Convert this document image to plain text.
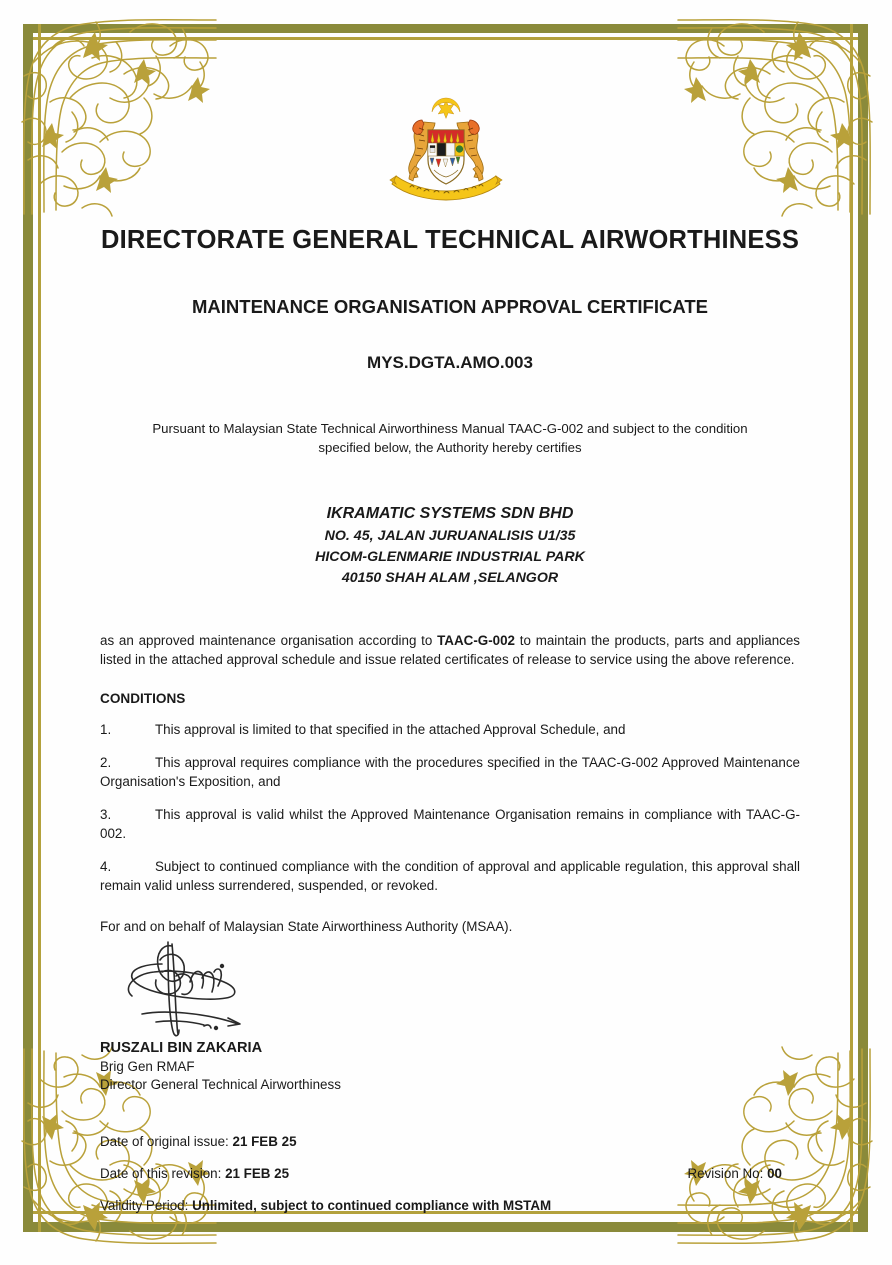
DIRECTORATE GENERAL TECHNICAL AIRWORTHINESS
MAINTENANCE ORGANISATION APPROVAL CERTIFICATE
MYS.DGTA.AMO.003
Pursuant to Malaysian State Technical Airworthiness Manual TAAC-G-002 and subject to the condition specified below, the Authority hereby certifies
IKRAMATIC SYSTEMS SDN BHD
NO. 45, JALAN JURUANALISIS U1/35
HICOM-GLENMARIE INDUSTRIAL PARK
40150 SHAH ALAM ,SELANGOR

as an approved maintenance organisation according to TAAC-G-002 to maintain the products, parts and appliances listed in the attached approval schedule and issue related certificates of release to service using the above reference.

CONDITIONS
1.	This approval is limited to that specified in the attached Approval Schedule, and
2.	This approval requires compliance with the procedures specified in the TAAC-G-002 Approved Maintenance Organisation's Exposition, and
3.	This approval is valid whilst the Approved Maintenance Organisation remains in compliance with TAAC-G-002.
4.	Subject to continued compliance with the condition of approval and applicable regulation, this approval shall remain valid unless surrendered, suspended, or revoked.
For and on behalf of Malaysian State Airworthiness Authority (MSAA).
RUSZALI BIN ZAKARIA
Brig Gen RMAF
Director General Technical Airworthiness
Date of original issue: 21 FEB 25
Date of this revision: 21 FEB 25	Revision No: 00
Validity Period: Unlimited, subject to continued compliance with MSTAM
